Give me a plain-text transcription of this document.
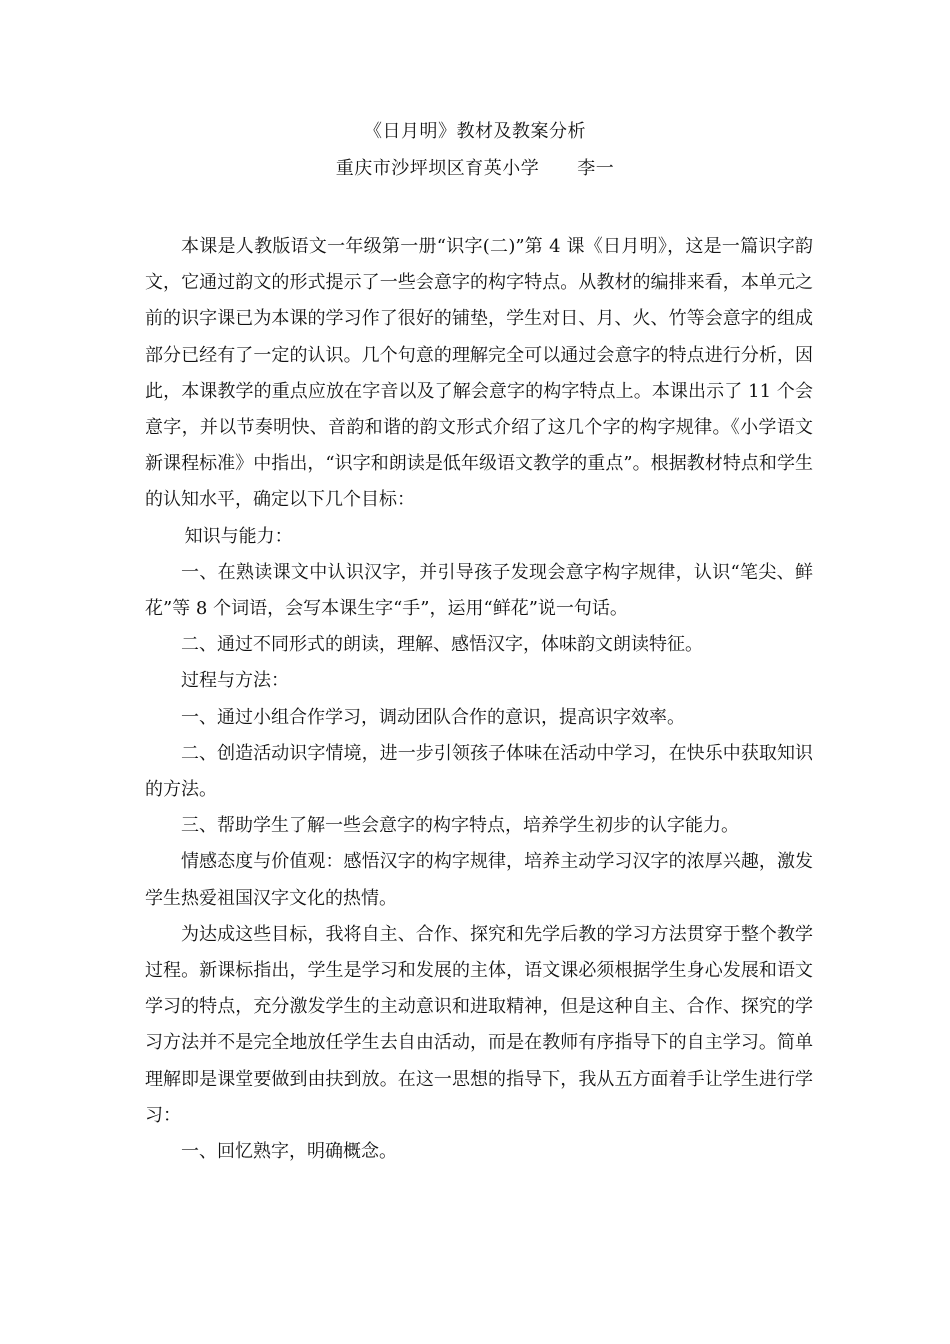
《日月明》教材及教案分析
重庆市沙坪坝区育英小学 李一

本课是人教版语文一年级第一册“识字(二)”第 4 课《日月明》，这是一篇识字韵文，它通过韵文的形式提示了一些会意字的构字特点。从教材的编排来看，本单元之前的识字课已为本课的学习作了很好的铺垫，学生对日、月、火、竹等会意字的组成部分已经有了一定的认识。几个句意的理解完全可以通过会意字的特点进行分析，因此，本课教学的重点应放在字音以及了解会意字的构字特点上。本课出示了 11 个会意字，并以节奏明快、音韵和谐的韵文形式介绍了这几个字的构字规律。《小学语文新课程标准》中指出，“识字和朗读是低年级语文教学的重点”。根据教材特点和学生的认知水平，确定以下几个目标：

知识与能力：

一、在熟读课文中认识汉字，并引导孩子发现会意字构字规律，认识“笔尖、鲜花”等 8 个词语，会写本课生字“手”，运用“鲜花”说一句话。

二、通过不同形式的朗读，理解、感悟汉字，体味韵文朗读特征。

过程与方法：

一、通过小组合作学习，调动团队合作的意识，提高识字效率。

二、创造活动识字情境，进一步引领孩子体味在活动中学习，在快乐中获取知识的方法。

三、帮助学生了解一些会意字的构字特点，培养学生初步的认字能力。

情感态度与价值观：感悟汉字的构字规律，培养主动学习汉字的浓厚兴趣，激发学生热爱祖国汉字文化的热情。

为达成这些目标，我将自主、合作、探究和先学后教的学习方法贯穿于整个教学过程。新课标指出，学生是学习和发展的主体，语文课必须根据学生身心发展和语文学习的特点，充分激发学生的主动意识和进取精神，但是这种自主、合作、探究的学习方法并不是完全地放任学生去自由活动，而是在教师有序指导下的自主学习。简单理解即是课堂要做到由扶到放。在这一思想的指导下，我从五方面着手让学生进行学习：

一、回忆熟字，明确概念。
